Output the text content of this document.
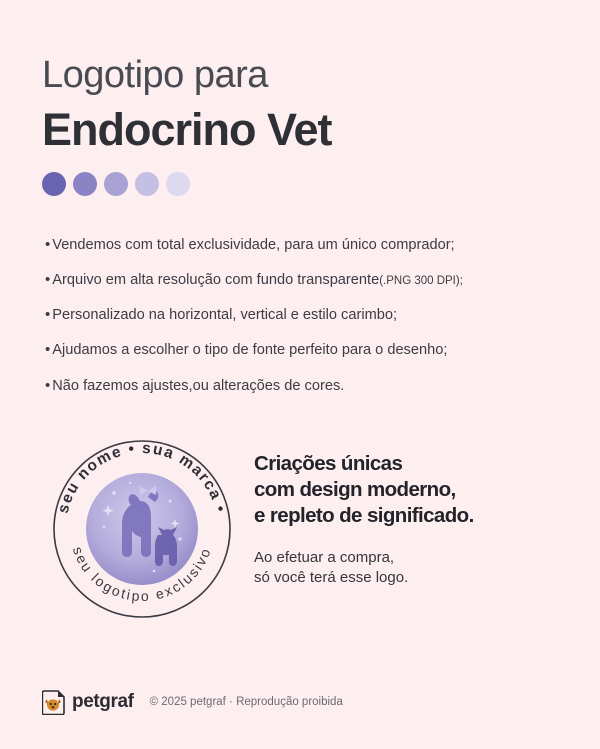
Logotipo para
Endocrino Vet
• Vendemos com total exclusividade, para um único comprador;
• Arquivo em alta resolução com fundo transparente (.PNG 300 DPI);
• Personalizado na horizontal, vertical e estilo carimbo;
• Ajudamos a escolher o tipo de fonte perfeito para o desenho;
• Não fazemos ajustes,ou alterações de cores.
seu nome • sua marca •
seu logotipo exclusivo
Criações únicas
com design moderno,
e repleto de significado.
Ao efetuar a compra,
só você terá esse logo.
petgraf © 2025 petgraf · Reprodução proibida
